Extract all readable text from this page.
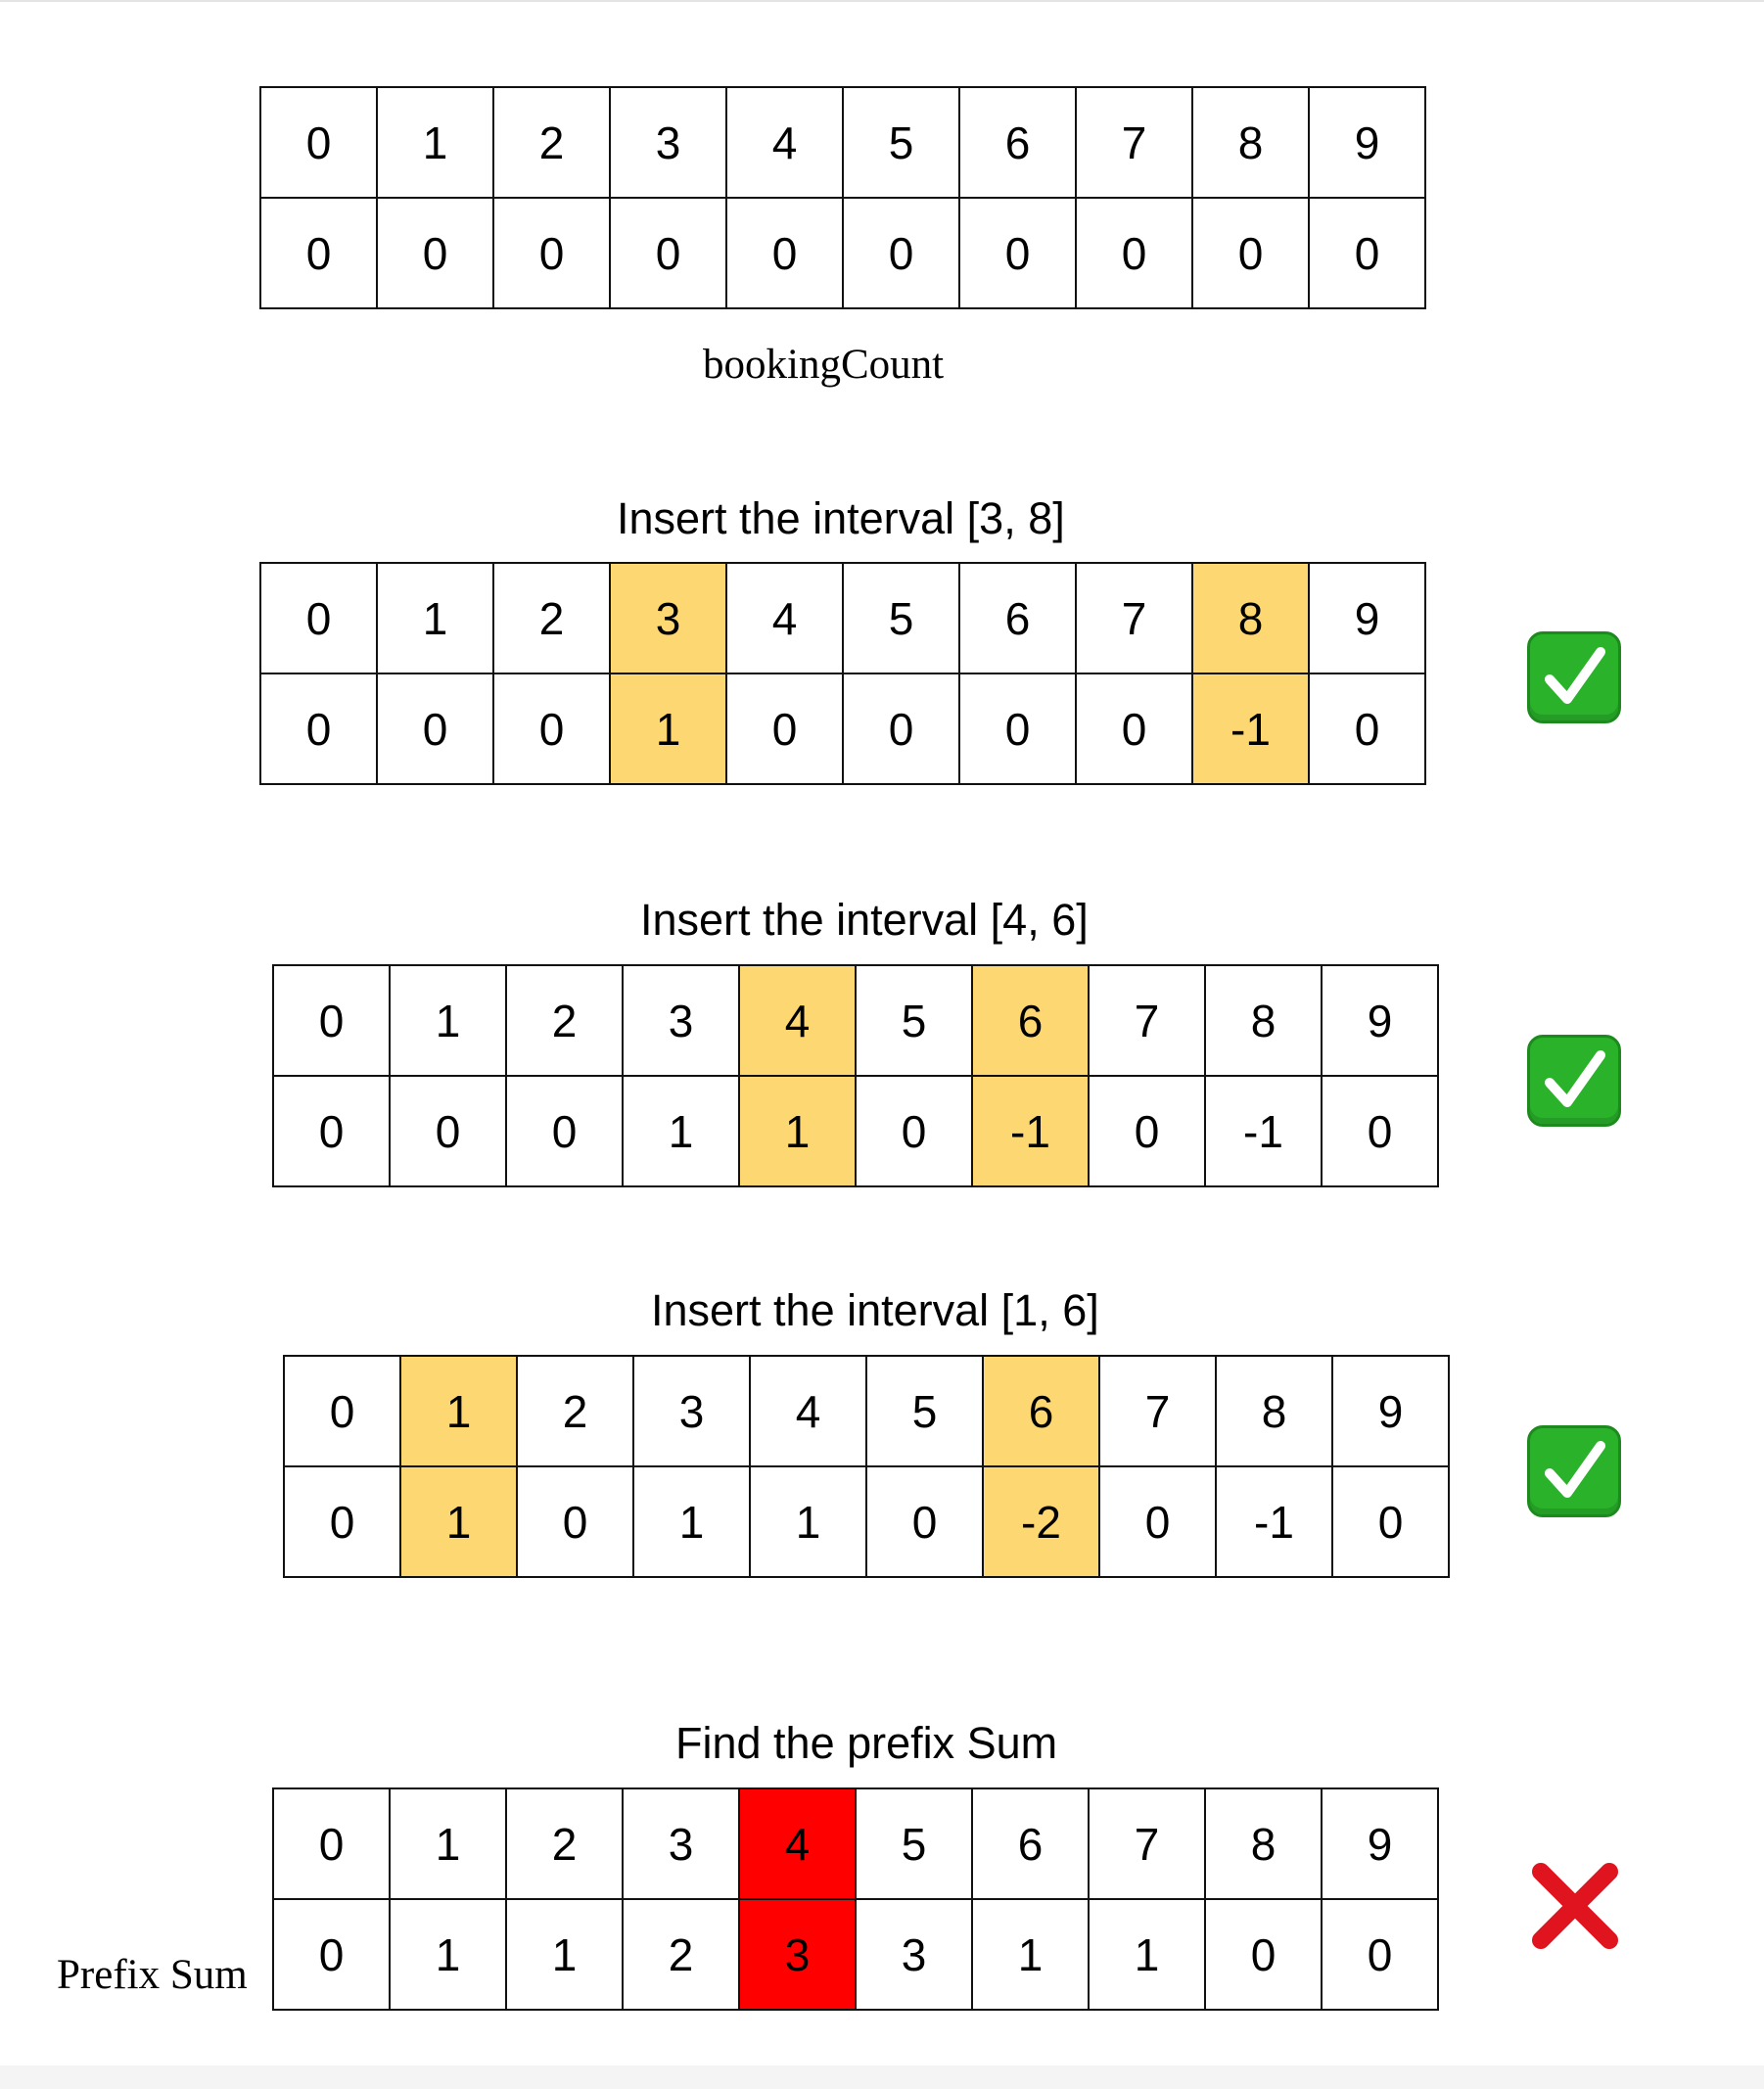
0	1	2	3	4	5	6	7	8	9
0	0	0	0	0	0	0	0	0	0
bookingCount
Insert the interval [3, 8]
0	1	2	3	4	5	6	7	8	9
0	0	0	1	0	0	0	0	-1	0
Insert the interval [4, 6]
0	1	2	3	4	5	6	7	8	9
0	0	0	1	1	0	-1	0	-1	0
Insert the interval [1, 6]
0	1	2	3	4	5	6	7	8	9
0	1	0	1	1	0	-2	0	-1	0
Find the prefix Sum
0	1	2	3	4	5	6	7	8	9
0	1	1	2	3	3	1	1	0	0
Prefix Sum
